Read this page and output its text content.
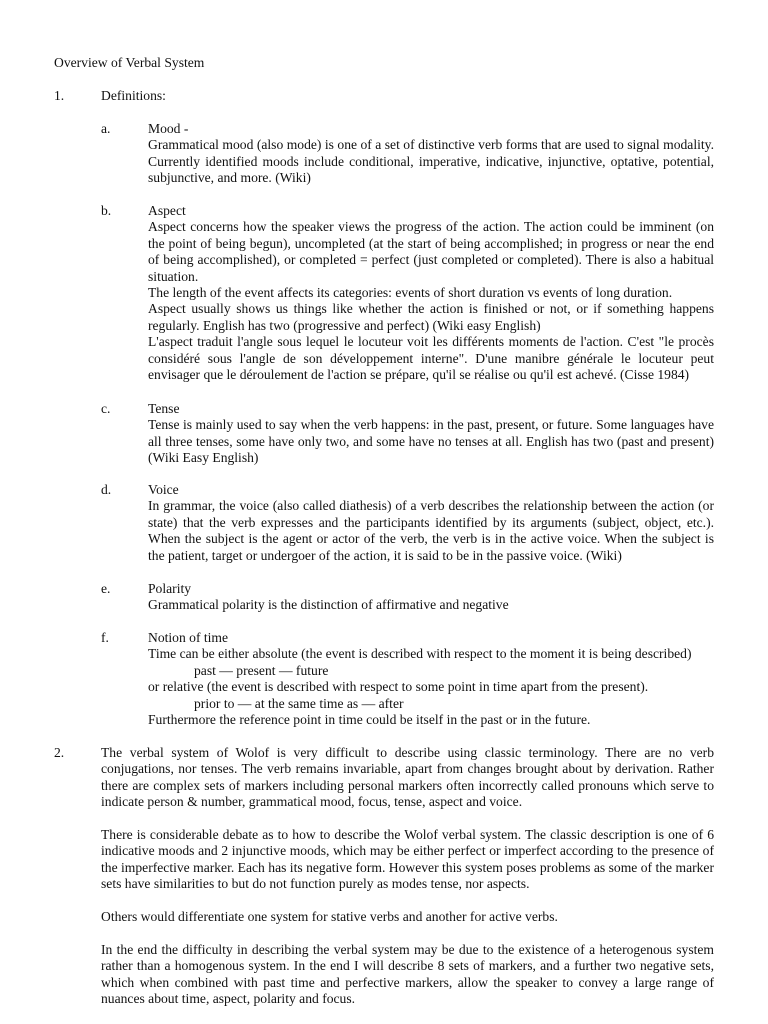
Overview of Verbal System
1.	Definitions:
a.	Mood -

Grammatical mood (also mode) is one of a set of distinctive verb forms that are used to signal modality. Currently identified moods include conditional, imperative, indicative, injunctive, optative, potential, subjunctive, and more. (Wiki)

b.	Aspect

Aspect concerns how the speaker views the progress of the action. The action could be imminent (on the point of being begun), uncompleted (at the start of being accomplished; in progress or near the end of being accomplished), or completed = perfect (just completed or completed). There is also a habitual situation.

The length of the event affects its categories: events of short duration vs events of long duration.

Aspect usually shows us things like whether the action is finished or not, or if something happens regularly. English has two (progressive and perfect) (Wiki easy English)

L'aspect traduit l'angle sous lequel le locuteur voit les différents moments de l'action. C'est "le procès considéré sous l'angle de son développement interne". D'une manibre générale le locuteur peut envisager que le déroulement de l'action se prépare, qu'il se réalise ou qu'il est achevé. (Cisse 1984)

c.	Tense

Tense is mainly used to say when the verb happens: in the past, present, or future. Some languages have all three tenses, some have only two, and some have no tenses at all. English has two (past and present) (Wiki Easy English)

d.	Voice

In grammar, the voice (also called diathesis) of a verb describes the relationship between the action (or state) that the verb expresses and the participants identified by its arguments (subject, object, etc.). When the subject is the agent or actor of the verb, the verb is in the active voice. When the subject is the patient, target or undergoer of the action, it is said to be in the passive voice. (Wiki)

e.	Polarity

Grammatical polarity is the distinction of affirmative and negative

f.	Notion of time

Time can be either absolute (the event is described with respect to the moment it is being described)

past — present — future

or relative (the event is described with respect to some point in time apart from the present).

prior to — at the same time as — after

Furthermore the reference point in time could be itself in the past or in the future.

2.	The verbal system of Wolof is very difficult to describe using classic terminology. There are no verb conjugations, nor tenses. The verb remains invariable, apart from changes brought about by derivation. Rather there are complex sets of markers including personal markers often incorrectly called pronouns which serve to indicate person & number, grammatical mood, focus, tense, aspect and voice.
There is considerable debate as to how to describe the Wolof verbal system. The classic description is one of 6 indicative moods and 2 injunctive moods, which may be either perfect or imperfect according to the presence of the imperfective marker. Each has its negative form. However this system poses problems as some of the marker sets have similarities to but do not function purely as modes tense, nor aspects.
Others would differentiate one system for stative verbs and another for active verbs.
In the end the difficulty in describing the verbal system may be due to the existence of a heterogenous system rather than a homogenous system. In the end I will describe 8 sets of markers, and a further two negative sets, which when combined with past time and perfective markers, allow the speaker to convey a large range of nuances about time, aspect, polarity and focus.
